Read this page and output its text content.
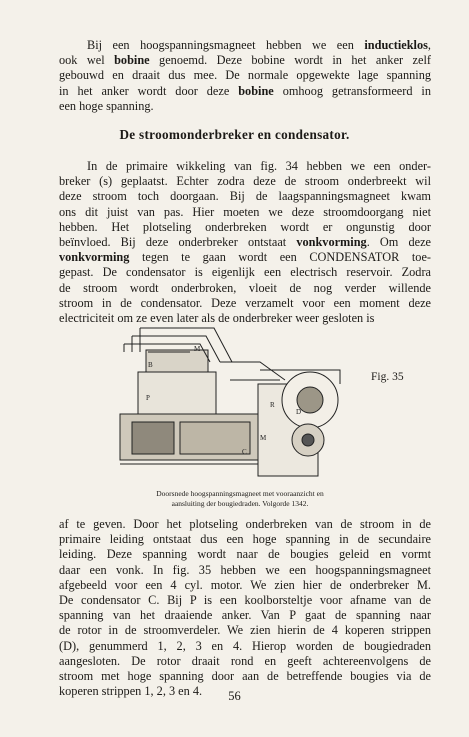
Bij een hoogspanningsmagneet hebben we een inductieklos,
ook wel bobine genoemd. Deze bobine wordt in het anker zelf
gebouwd en draait dus mee. De normale opgewekte lage spanning
in het anker wordt door deze bobine omhoog getransformeerd in
een hoge spanning.
De stroomonderbreker en condensator.
In de primaire wikkeling van fig. 34 hebben we een onder-
breker (s) geplaatst. Echter zodra deze de stroom onderbreekt wil
deze stroom toch doorgaan. Bij de laagspanningsmagneet kwam
ons dit juist van pas. Hier moeten we deze stroomdoorgang niet
hebben. Het plotseling onderbreken wordt er ongunstig door
beïnvloed. Bij deze onderbreker ontstaat vonkvorming. Om deze
vonkvorming tegen te gaan wordt een CONDENSATOR toe-
gepast. De condensator is eigenlijk een electrisch reservoir. Zodra
de stroom wordt onderbroken, vloeit de nog verder willende
stroom in de condensator. Deze verzamelt voor een moment deze
electriciteit om ze even later als de onderbreker weer gesloten is
M
B
P
D
R
M
C
Fig. 35
Doorsnede hoogspanningsmagneet met vooraanzicht en
aansluiting der bougiedraden. Volgorde 1342.
af te geven. Door het plotseling onderbreken van de stroom in de
primaire leiding ontstaat dus een hoge spanning in de secundaire
leiding. Deze spanning wordt naar de bougies geleid en vormt
daar een vonk. In fig. 35 hebben we een hoogspanningsmagneet
afgebeeld voor een 4 cyl. motor. We zien hier de onderbreker M.
De condensator C. Bij P is een koolborsteltje voor afname van de
spanning van het draaiende anker. Van P gaat de spanning naar
de rotor in de stroomverdeler. We zien hierin de 4 koperen strippen
(D), genummerd 1, 2, 3 en 4. Hierop worden de bougiedraden
aangesloten. De rotor draait rond en geeft achtereenvolgens de
stroom met hoge spanning door aan de betreffende bougies via de
koperen strippen 1, 2, 3 en 4.	56
